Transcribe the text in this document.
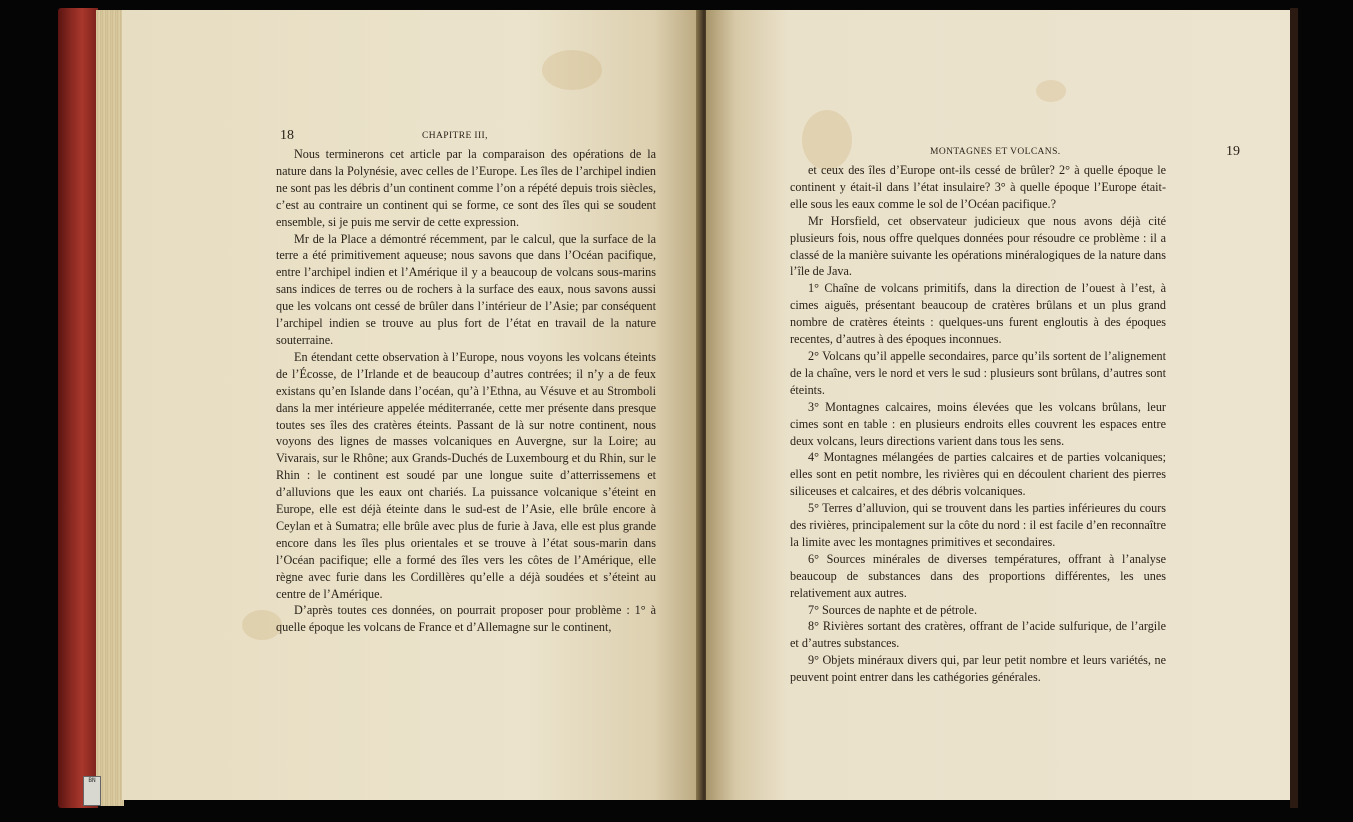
BN
18	CHAPITRE III,

Nous terminerons cet article par la comparaison des opérations de la nature dans la Polynésie, avec celles de l’Europe. Les îles de l’archipel indien ne sont pas les débris d’un continent comme l’on a répété depuis trois siècles, c’est au contraire un continent qui se forme, ce sont des îles qui se soudent ensemble, si je puis me servir de cette expression.

Mr de la Place a démontré récemment, par le calcul, que la surface de la terre a été primitivement aqueuse; nous savons que dans l’Océan pacifique, entre l’archipel indien et l’Amérique il y a beaucoup de volcans sous-marins sans indices de terres ou de rochers à la surface des eaux, nous savons aussi que les volcans ont cessé de brûler dans l’intérieur de l’Asie; par conséquent l’archipel indien se trouve au plus fort de l’état en travail de la nature souterraine.

En étendant cette observation à l’Europe, nous voyons les volcans éteints de l’Écosse, de l’Irlande et de beaucoup d’autres contrées; il n’y a de feux existans qu’en Islande dans l’océan, qu’à l’Ethna, au Vésuve et au Stromboli dans la mer intérieure appelée méditerranée, cette mer présente dans presque toutes ses îles des cratères éteints. Passant de là sur notre continent, nous voyons des lignes de masses volcaniques en Auvergne, sur la Loire; au Vivarais, sur le Rhône; aux Grands-Duchés de Luxembourg et du Rhin, sur le Rhin : le continent est soudé par une longue suite d’atterrissemens et d’alluvions que les eaux ont chariés. La puissance volcanique s’éteint en Europe, elle est déjà éteinte dans le sud-est de l’Asie, elle brûle encore à Ceylan et à Sumatra; elle brûle avec plus de furie à Java, elle est plus grande encore dans les îles plus orientales et se trouve à l’état sous-marin dans l’Océan pacifique; elle a formé des îles vers les côtes de l’Amérique, elle règne avec furie dans les Cordillères qu’elle a déjà soudées et s’éteint au centre de l’Amérique.

D’après toutes ces données, on pourrait proposer pour problème : 1° à quelle époque les volcans de France et d’Allemagne sur le continent,

MONTAGNES ET VOLCANS.	19

et ceux des îles d’Europe ont-ils cessé de brûler? 2° à quelle époque le continent y était-il dans l’état insulaire? 3° à quelle époque l’Europe était-elle sous les eaux comme le sol de l’Océan pacifique.?

Mr Horsfield, cet observateur judicieux que nous avons déjà cité plusieurs fois, nous offre quelques données pour résoudre ce problème : il a classé de la manière suivante les opérations minéralogiques de la nature dans l’île de Java.

1° Chaîne de volcans primitifs, dans la direction de l’ouest à l’est, à cimes aiguës, présentant beaucoup de cratères brûlans et un plus grand nombre de cratères éteints : quelques-uns furent engloutis à des époques recentes, d’autres à des époques inconnues.

2° Volcans qu’il appelle secondaires, parce qu’ils sortent de l’alignement de la chaîne, vers le nord et vers le sud : plusieurs sont brûlans, d’autres sont éteints.

3° Montagnes calcaires, moins élevées que les volcans brûlans, leur cimes sont en table : en plusieurs endroits elles couvrent les espaces entre deux volcans, leurs directions varient dans tous les sens.

4° Montagnes mélangées de parties calcaires et de parties volcaniques; elles sont en petit nombre, les rivières qui en découlent charient des pierres siliceuses et calcaires, et des débris volcaniques.

5° Terres d’alluvion, qui se trouvent dans les parties inférieures du cours des rivières, principalement sur la côte du nord : il est facile d’en reconnaître la limite avec les montagnes primitives et secondaires.

6° Sources minérales de diverses températures, offrant à l’analyse beaucoup de substances dans des proportions différentes, les unes relativement aux autres.

7° Sources de naphte et de pétrole.

8° Rivières sortant des cratères, offrant de l’acide sulfurique, de l’argile et d’autres substances.

9° Objets minéraux divers qui, par leur petit nombre et leurs variétés, ne peuvent point entrer dans les cathégories générales.
